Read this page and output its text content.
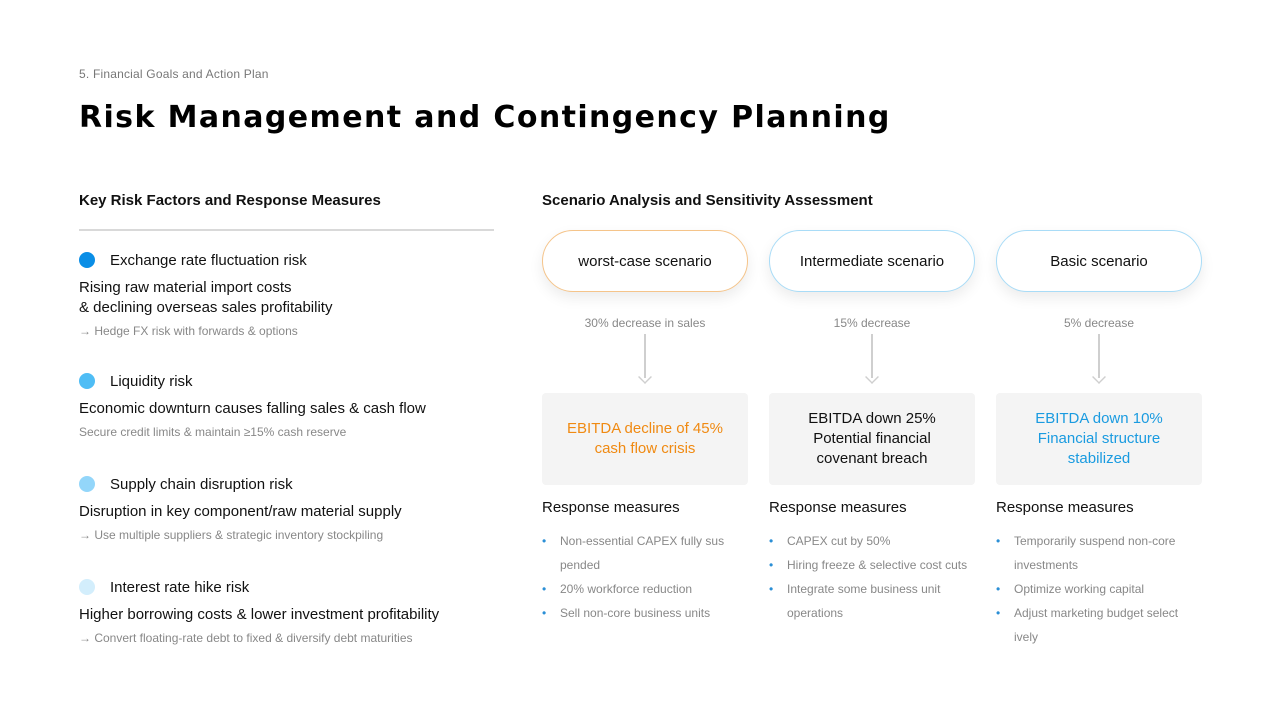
5. Financial Goals and Action Plan
Risk Management and Contingency Planning
Key Risk Factors and Response Measures
Exchange rate fluctuation risk
Rising raw material import costs
& declining overseas sales profitability
→ Hedge FX risk with forwards & options
Liquidity risk
Economic downturn causes falling sales & cash flow
Secure credit limits & maintain ≥15% cash reserve
Supply chain disruption risk
Disruption in key component/raw material supply
→ Use multiple suppliers & strategic inventory stockpiling
Interest rate hike risk
Higher borrowing costs & lower investment profitability
→ Convert floating-rate debt to fixed & diversify debt maturities
Scenario Analysis and Sensitivity Assessment
worst-case scenario
30% decrease in sales
EBITDA decline of 45%
cash flow crisis
Response measures
• Non-essential CAPEX fully sus pended
• 20% workforce reduction
• Sell non-core business units
Intermediate scenario
15% decrease
EBITDA down 25%
Potential financial
covenant breach
Response measures
• CAPEX cut by 50%
• Hiring freeze & selective cost cuts
• Integrate some business unit operations
Basic scenario
5% decrease
EBITDA down 10%
Financial structure
stabilized
Response measures
• Temporarily suspend non-core investments
• Optimize working capital
• Adjust marketing budget select ively
